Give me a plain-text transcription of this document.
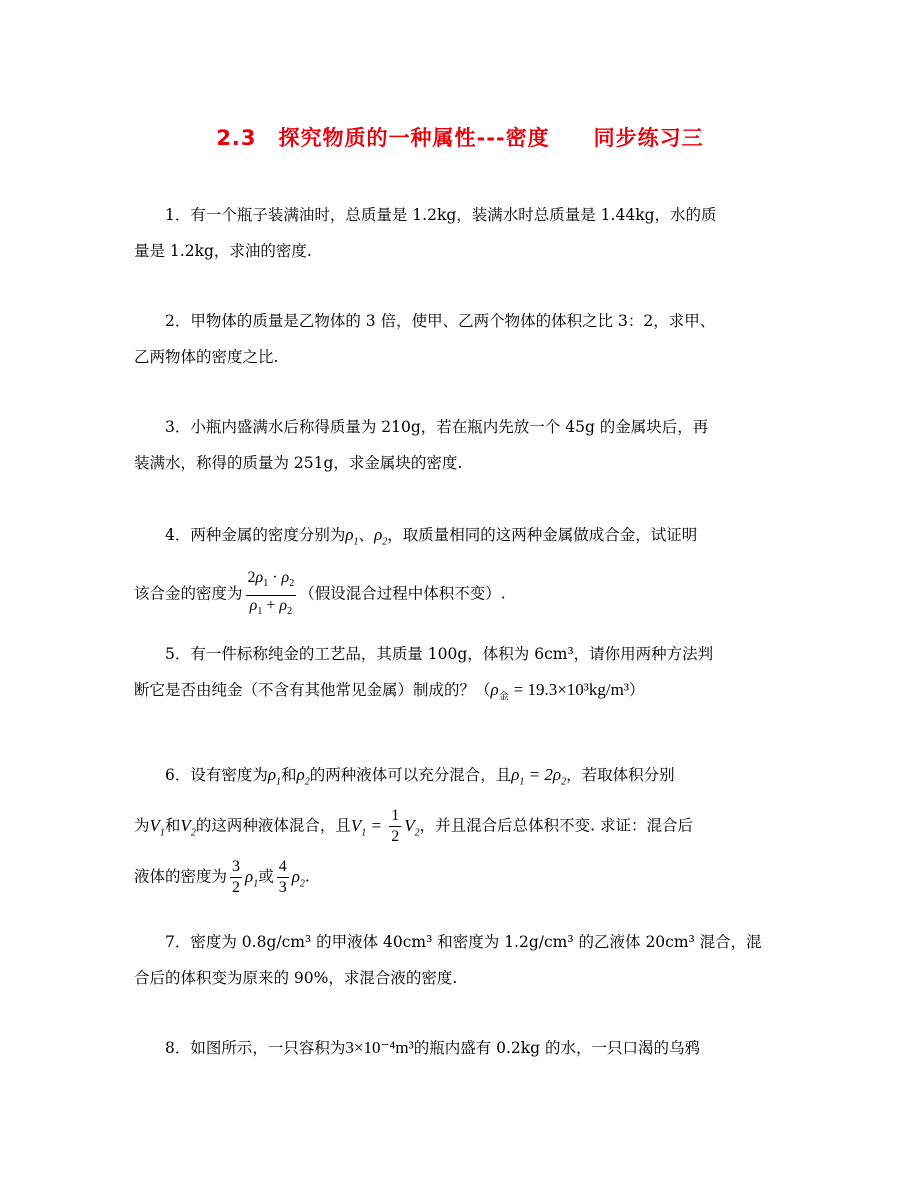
2.3　探究物质的一种属性---密度　　同步练习三
1．有一个瓶子装满油时，总质量是 1.2kg，装满水时总质量是 1.44kg，水的质
量是 1.2kg，求油的密度.
2．甲物体的质量是乙物体的 3 倍，使甲、乙两个物体的体积之比 3：2，求甲、
乙两物体的密度之比.
3．小瓶内盛满水后称得质量为 210g，若在瓶内先放一个 45g 的金属块后，再
装满水，称得的质量为 251g，求金属块的密度.
4．两种金属的密度分别为$\rho_1$、$\rho_2$，取质量相同的这两种金属做成合金，试证明
该合金的密度为 $\frac{2\rho_1 \cdot \rho_2}{\rho_1 + \rho_2}$ （假设混合过程中体积不变）.
5．有一件标称纯金的工艺品，其质量 100g，体积为 6cm³，请你用两种方法判
断它是否由纯金（不含有其他常见金属）制成的？$(\rho_金 = 19.3\times 10^3kg/m^3)$
6．设有密度为$\rho_1$和$\rho_2$的两种液体可以充分混合，且$\rho_1 = 2\rho_2$，若取体积分别
为$V_1$和$V_2$的这两种液体混合，且$V_1 = \frac{1}{2} V_2$，并且混合后总体积不变. 求证：混合后
液体的密度为 $\frac{3}{2} \rho_1$或 $\frac{4}{3} \rho_2$.
7．密度为 0.8g/cm³ 的甲液体 40cm³ 和密度为 1.2g/cm³ 的乙液体 20cm³ 混合，混
合后的体积变为原来的 90%，求混合液的密度.
8．如图所示，一只容积为3×10⁻⁴m³的瓶内盛有 0.2kg 的水，一只口渴的乌鸦
